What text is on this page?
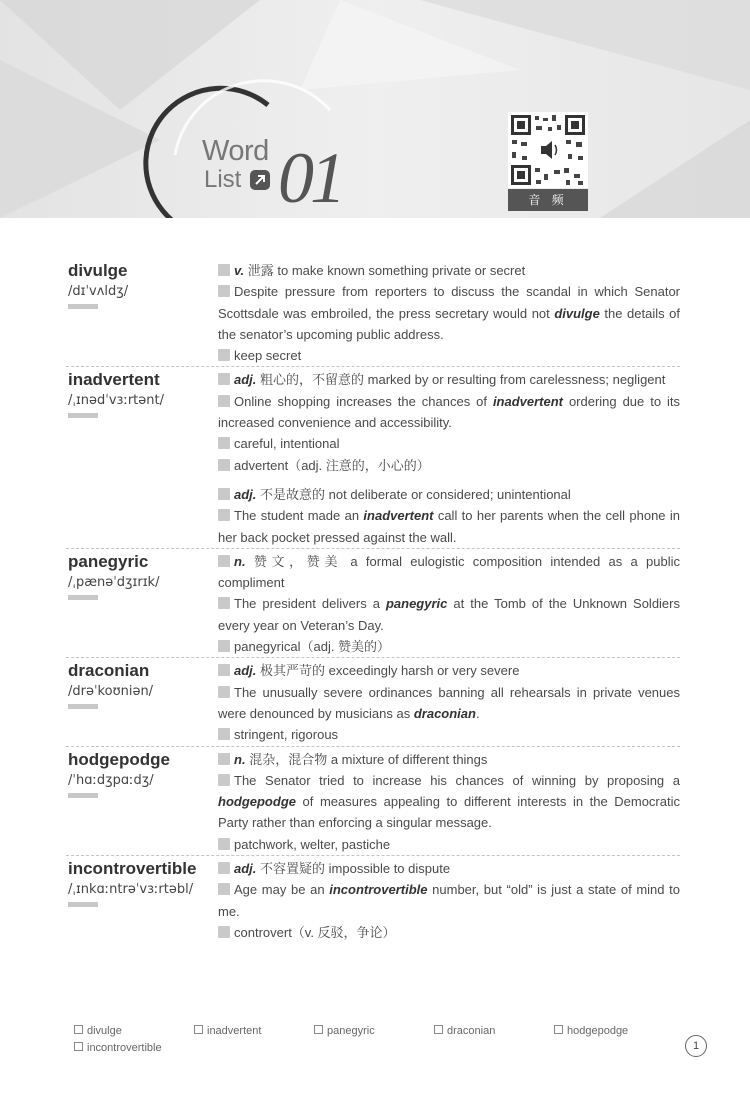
Word
List 01	音 频
divulge
/dɪˈvʌldʒ/

v. 泄露 to make known something private or secret

Despite pressure from reporters to discuss the scandal in which Senator Scottsdale was embroiled, the press secretary would not divulge the details of the senator’s upcoming public address.

keep secret

inadvertent
/ˌɪnədˈvɜːrtənt/

adj. 粗心的，不留意的 marked by or resulting from carelessness; negligent

Online shopping increases the chances of inadvertent ordering due to its increased convenience and accessibility.

careful, intentional

advertent（adj. 注意的，小心的）

adj. 不是故意的 not deliberate or considered; unintentional

The student made an inadvertent call to her parents when the cell phone in her back pocket pressed against the wall.

panegyric
/ˌpænəˈdʒɪrɪk/

n. 赞文，赞美 a formal eulogistic composition intended as a public compliment

The president delivers a panegyric at the Tomb of the Unknown Soldiers every year on Veteran’s Day.

panegyrical（adj. 赞美的）

draconian
/drəˈkoʊniən/

adj. 极其严苛的 exceedingly harsh or very severe

The unusually severe ordinances banning all rehearsals in private venues were denounced by musicians as draconian.

stringent, rigorous

hodgepodge
/ˈhɑːdʒpɑːdʒ/

n. 混杂，混合物 a mixture of different things

The Senator tried to increase his chances of winning by proposing a hodgepodge of measures appealing to different interests in the Democratic Party rather than enforcing a singular message.

patchwork, welter, pastiche

incontrovertible
/ˌɪnkɑːntrəˈvɜːrtəbl/

adj. 不容置疑的 impossible to dispute

Age may be an incontrovertible number, but “old” is just a state of mind to me.

controvert（v. 反驳，争论）

divulge	inadvertent	panegyric	draconian	hodgepodge
incontrovertible	1
